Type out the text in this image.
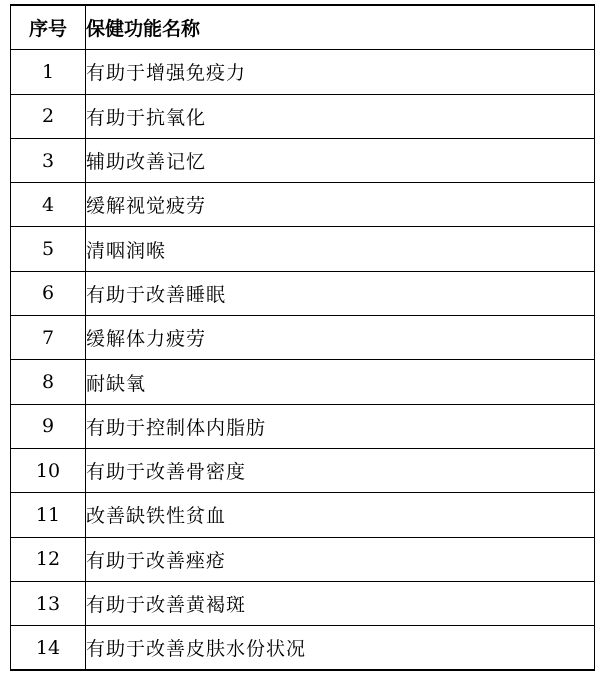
序号	保健功能名称
1	有助于增强免疫力
2	有助于抗氧化
3	辅助改善记忆
4	缓解视觉疲劳
5	清咽润喉
6	有助于改善睡眠
7	缓解体力疲劳
8	耐缺氧
9	有助于控制体内脂肪
10	有助于改善骨密度
11	改善缺铁性贫血
12	有助于改善痤疮
13	有助于改善黄褐斑
14	有助于改善皮肤水份状况
